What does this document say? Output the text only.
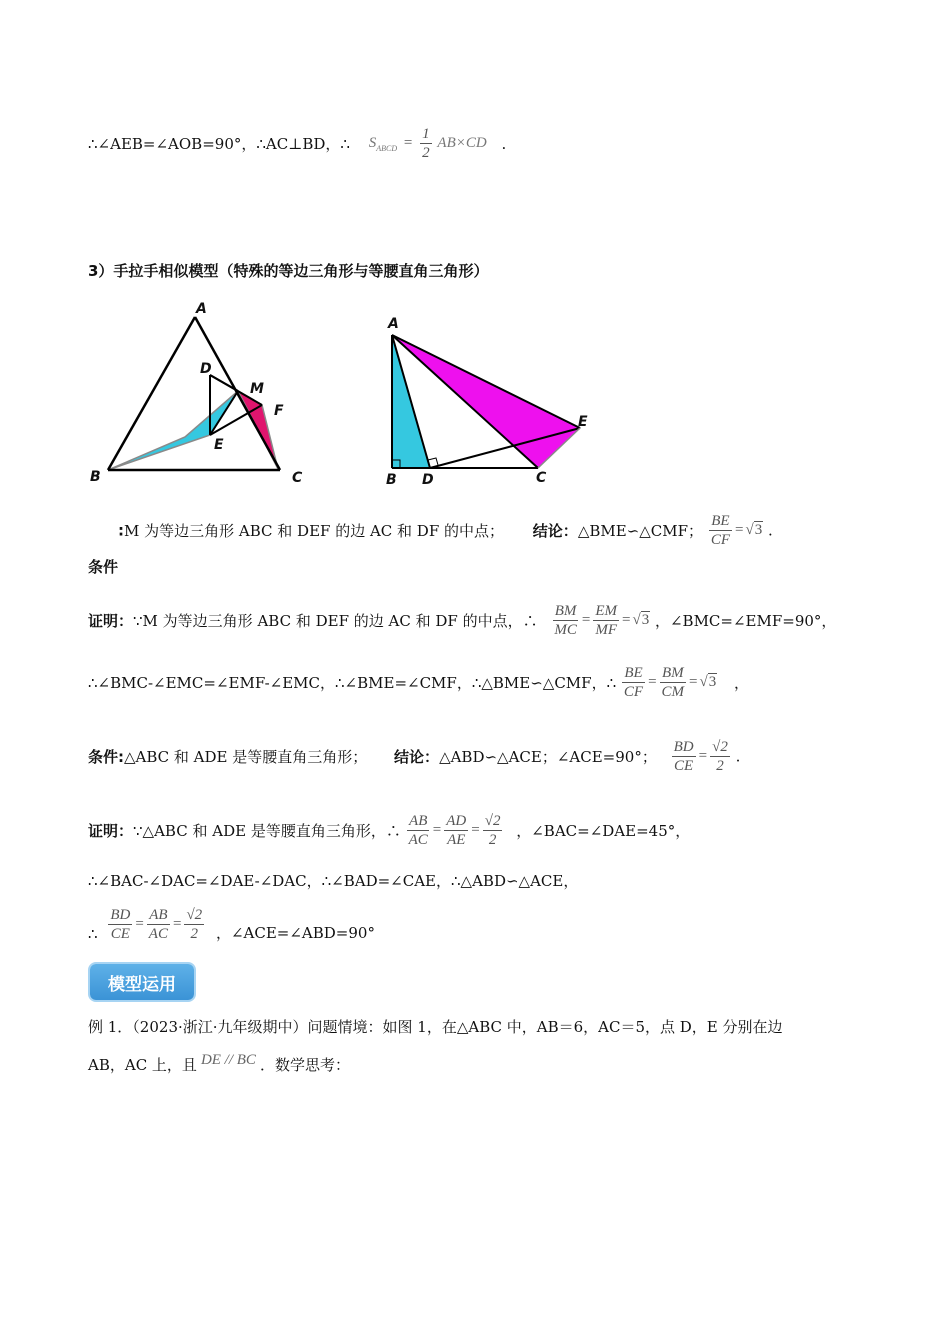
∴∠AEB=∠AOB=90°，∴AC⊥BD，∴ $S_{ABCD} = \frac{1}{2} AB\times CD$ .
3）手拉手相似模型（特殊的等边三角形与等腰直角三角形）
A
B	C
D
E
F
M
A
B D	C
E
:M 为等边三角形 ABC 和 DEF 的边 AC 和 DF 的中点； 结论：△BME∽△CMF； $\frac{BE}{CF} = √3$ .
条件
证明：∵M 为等边三角形 ABC 和 DEF 的边 AC 和 DF 的中点，∴ $\frac{BM}{MC} = \frac{EM}{MF} = √3$ ，∠BMC=∠EMF=90°，
∴∠BMC-∠EMC=∠EMF-∠EMC，∴∠BME=∠CMF，∴△BME∽△CMF，∴ $\frac{BE}{CF} = \frac{BM}{CM} = √3$ ，
条件:△ABC 和 ADE 是等腰直角三角形； 结论：△ABD∽△ACE；∠ACE=90°； $\frac{BD}{CE} = \frac{√2}{2}$ .
证明：∵△ABC 和 ADE 是等腰直角三角形，∴ $\frac{AB}{AC} = \frac{AD}{AE} = \frac{√2}{2}$ ，∠BAC=∠DAE=45°，
∴∠BAC-∠DAC=∠DAE-∠DAC，∴∠BAD=∠CAE，∴△ABD∽△ACE，
∴ $\frac{BD}{CE} = \frac{AB}{AC} = \frac{√2}{2}$ ，∠ACE=∠ABD=90°
模型运用
例 1．（2023·浙江·九年级期中）问题情境：如图 1，在△ABC 中，AB＝6，AC＝5，点 D，E 分别在边
AB，AC 上，且 DE // BC ．数学思考：
